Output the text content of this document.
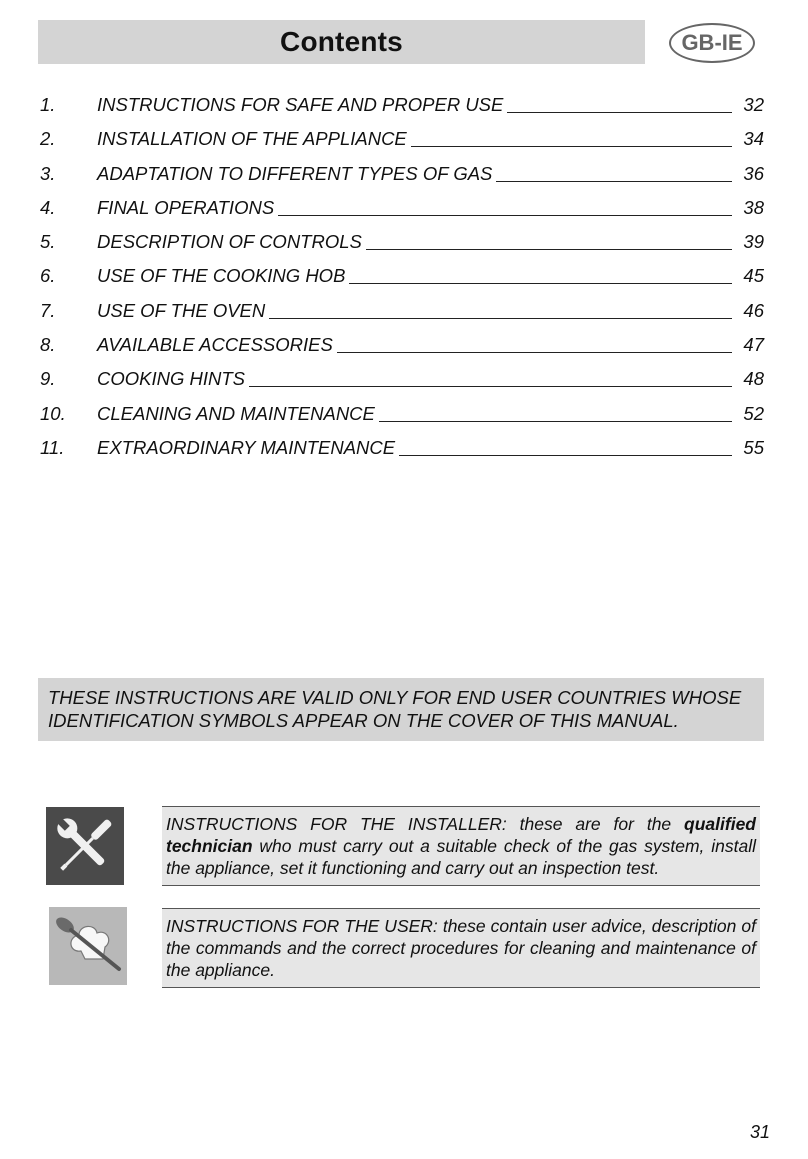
Contents	GB-IE
1.	INSTRUCTIONS FOR SAFE AND PROPER USE	32
2.	INSTALLATION OF THE APPLIANCE	34
3.	ADAPTATION TO DIFFERENT TYPES OF GAS	36
4.	FINAL OPERATIONS	38
5.	DESCRIPTION OF CONTROLS	39
6.	USE OF THE COOKING HOB	45
7.	USE OF THE OVEN	46
8.	AVAILABLE ACCESSORIES	47
9.	COOKING HINTS	48
10.	CLEANING AND MAINTENANCE	52
11.	EXTRAORDINARY MAINTENANCE	55
THESE INSTRUCTIONS ARE VALID ONLY FOR END USER COUNTRIES WHOSE IDENTIFICATION SYMBOLS APPEAR ON THE COVER OF THIS MANUAL.
INSTRUCTIONS FOR THE INSTALLER: these are for the qualified technician who must carry out a suitable check of the gas system, install the appliance, set it functioning and carry out an inspection test.
INSTRUCTIONS FOR THE USER: these contain user advice, description of the commands and the correct procedures for cleaning and maintenance of the appliance.
31
